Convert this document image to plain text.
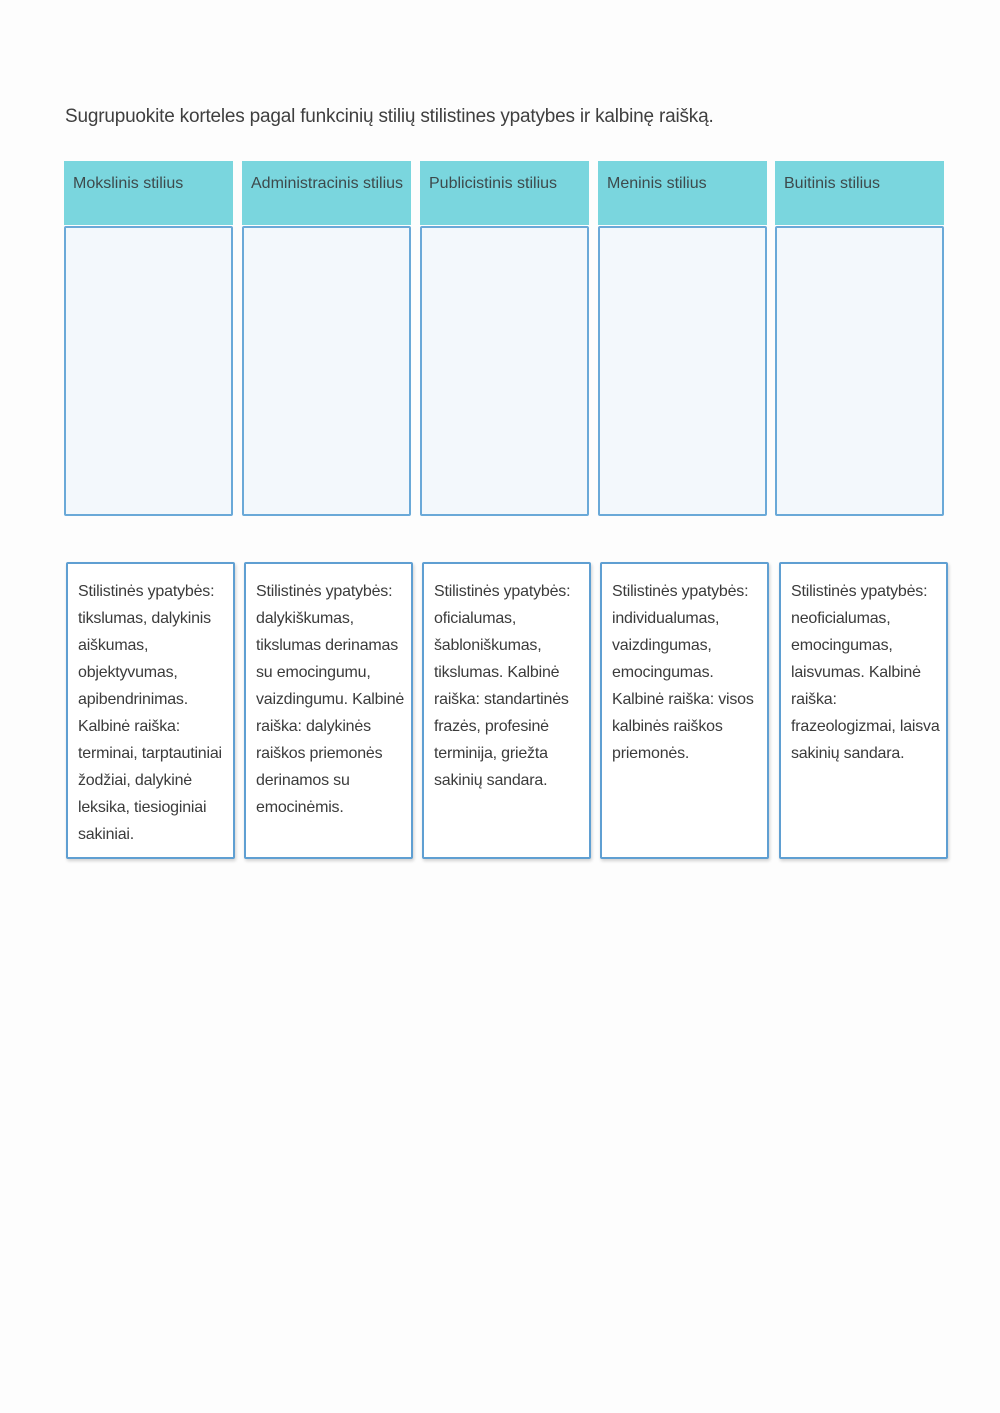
Sugrupuokite korteles pagal funkcinių stilių stilistines ypatybes ir kalbinę raišką.
Mokslinis stilius	Administracinis stilius	Publicistinis stilius	Meninis stilius	Buitinis stilius
Stilistinės ypatybės: tikslumas, dalykinis aiškumas, objektyvumas, apibendrinimas. Kalbinė raiška: terminai, tarptautiniai žodžiai, dalykinė leksika, tiesioginiai sakiniai.
Stilistinės ypatybės: dalykiškumas, tikslumas derinamas su emocingumu, vaizdingumu. Kalbinė raiška: dalykinės raiškos priemonės derinamos su emocinėmis.
Stilistinės ypatybės: oficialumas, šabloniškumas, tikslumas. Kalbinė raiška: standartinės frazės, profesinė terminija, griežta sakinių sandara.
Stilistinės ypatybės: individualumas, vaizdingumas, emocingumas. Kalbinė raiška: visos kalbinės raiškos priemonės.
Stilistinės ypatybės: neoficialumas, emocingumas, laisvumas. Kalbinė raiška: frazeologizmai, laisva sakinių sandara.
